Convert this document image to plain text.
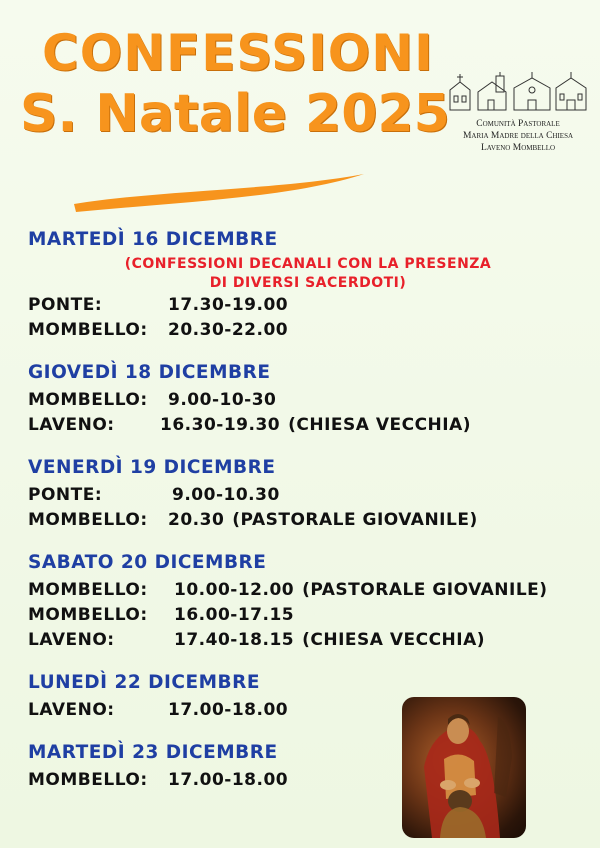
CONFESSIONI
S. Natale 2025	Comunità Pastorale
Maria Madre della Chiesa
Laveno Mombello
MARTEDÌ 16 DICEMBRE
(CONFESSIONI DECANALI CON LA PRESENZA
DI DIVERSI SACERDOTI)
PONTE:	17.30-19.00
MOMBELLO:	20.30-22.00
GIOVEDÌ 18 DICEMBRE
MOMBELLO:	9.00-10-30
LAVENO:	16.30-19.30 (CHIESA VECCHIA)
VENERDÌ 19 DICEMBRE
PONTE:	9.00-10.30
MOMBELLO:	20.30 (PASTORALE GIOVANILE)
SABATO 20 DICEMBRE
MOMBELLO:	10.00-12.00 (PASTORALE GIOVANILE)
MOMBELLO:	16.00-17.15
LAVENO:	17.40-18.15 (CHIESA VECCHIA)
LUNEDÌ 22 DICEMBRE
LAVENO:	17.00-18.00
MARTEDÌ 23 DICEMBRE
MOMBELLO:	17.00-18.00
